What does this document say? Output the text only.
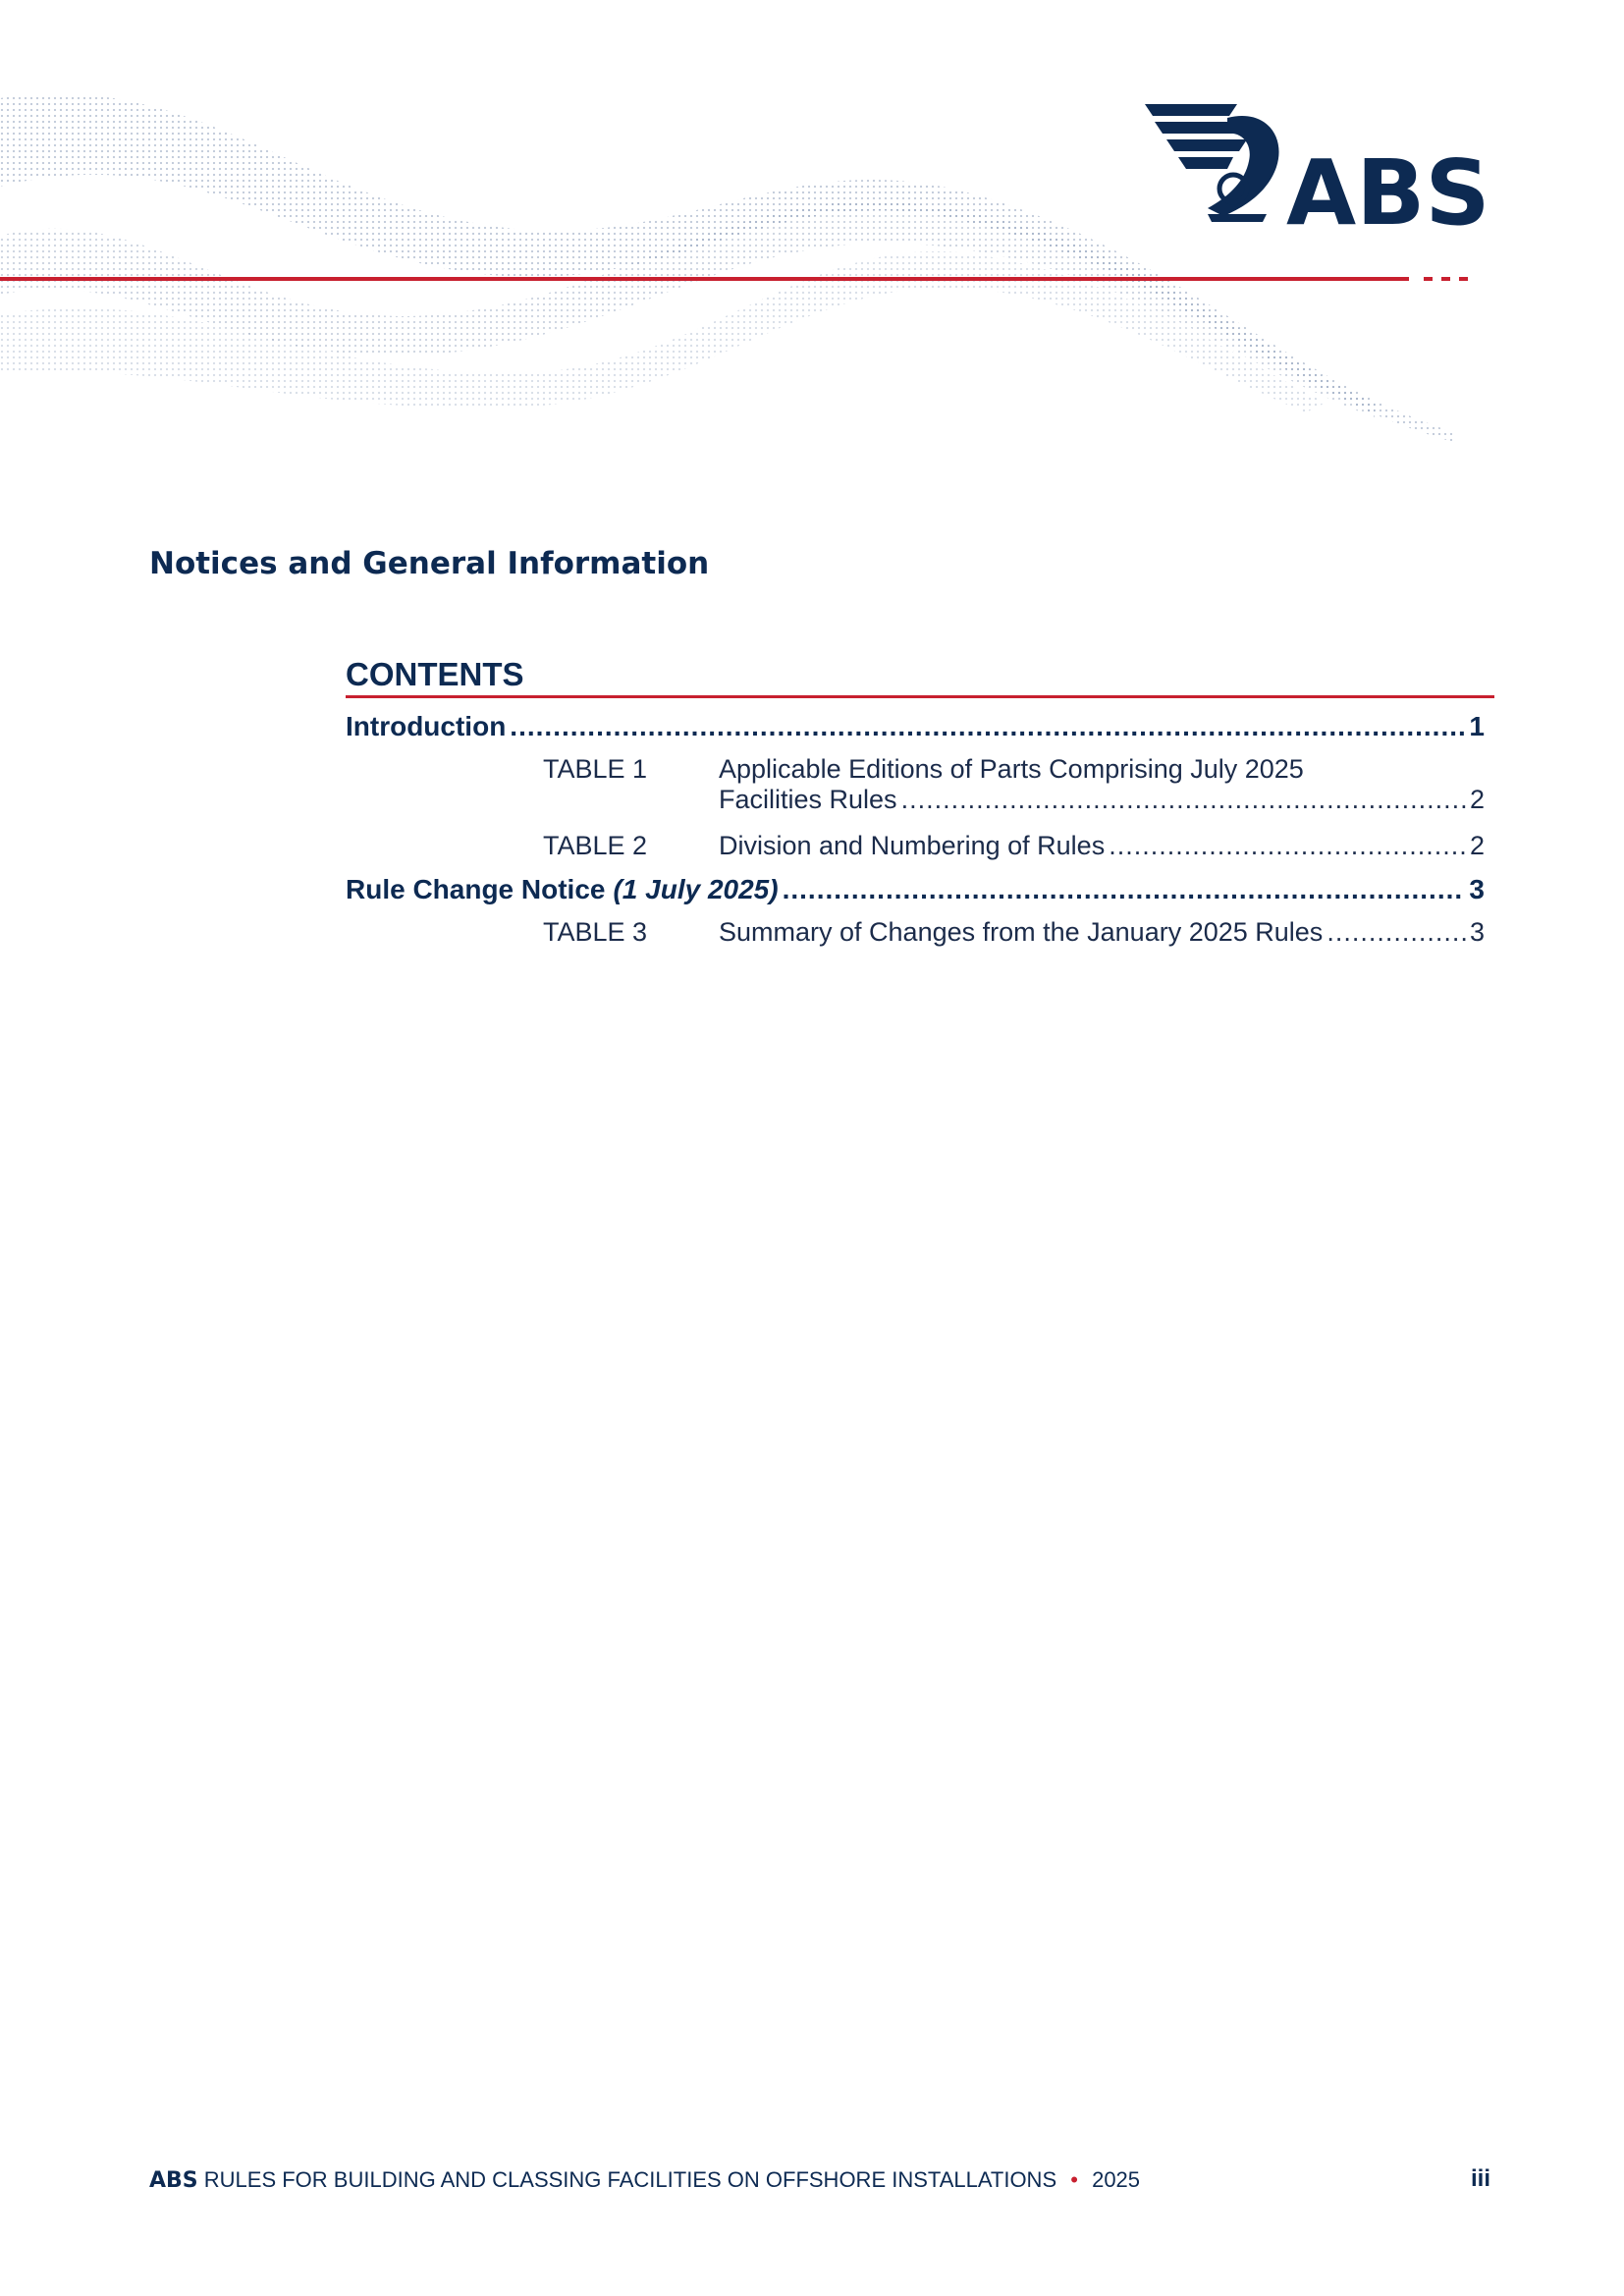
ABS
Notices and General Information
CONTENTS
Introduction .....	1
TABLE 1	Applicable Editions of Parts Comprising July 2025
Facilities Rules .....	2
TABLE 2	Division and Numbering of Rules .....	2
Rule Change Notice (1 July 2025) .....	3
TABLE 3	Summary of Changes from the January 2025 Rules .....	3
ABS RULES FOR BUILDING AND CLASSING FACILITIES ON OFFSHORE INSTALLATIONS • 2025	iii
